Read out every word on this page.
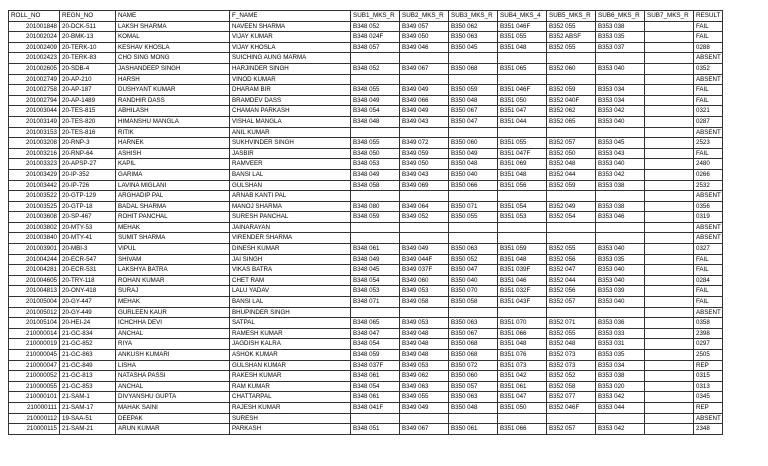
ROLL_NO	REGN_NO	NAME	F_NAME	SUB1_MKS_R	SUB2_MKS_R	SUB3_MKS_R	SUB4_MKS_4	SUB5_MKS_R	SUB6_MKS_R	SUB7_MKS_R	RESULT
201001848	20-DCK-511	LAKSH SHARMA	NAVEEN SHARMA	B348 052	B349 057	B350 062	B351 046F	B352 055	B353 038		FAIL
201002024	20-BMK-13	KOMAL	VIJAY KUMAR	B348 024F	B349 050	B350 063	B351 055	B352 ABSF	B353 035		FAIL
201002409	20-TERK-10	KESHAV KHOSLA	VIJAY KHOSLA	B348 057	B349 046	B350 045	B351 048	B352 055	B353 037		0288
201002423	20-TERK-83	CHO SING MONG	SUICHING AUNG MARMA								ABSENT
201002605	20-SDB-4	JASHANDEEP SINGH	HARJINDER SINGH	B348 052	B349 067	B350 068	B351 065	B352 060	B353 040		0352
201002749	20-AP-210	HARSH	VINOD KUMAR								ABSENT
201002758	20-AP-187	DUSHYANT KUMAR	DHARAM BIR	B348 055	B349 049	B350 059	B351 046F	B352 059	B353 034		FAIL
201002794	20-AP-1489	RANDHIR DASS	BRAMDEV DASS	B348 049	B349 066	B350 048	B351 050	B352 040F	B353 034		FAIL
201003044	20-TES-815	ABHILASH	CHAMAN PARKASH	B348 054	B349 049	B350 067	B351 047	B352 062	B353 042		0321
201003149	20-TES-820	HIMANSHU MANGLA	VISHAL MANGLA	B348 048	B349 043	B350 047	B351 044	B352 065	B353 040		0287
201003153	20-TES-816	RITIK	ANIL KUMAR								ABSENT
201003208	20-RNP-3	HARNEK	SUKHVINDER SINGH	B348 055	B349 072	B350 060	B351 055	B352 057	B353 045		2523
201003216	20-RNP-64	ASHISH	JASBIR	B348 050	B349 059	B350 049	B351 047F	B352 050	B353 043		FAIL
201003323	20-APSP-27	KAPIL	RAMVEER	B348 053	B349 050	B350 048	B351 069	B352 048	B353 040		2480
201003429	20-IP-352	GARIMA	BANSI LAL	B348 049	B349 043	B350 040	B351 048	B352 044	B353 042		0266
201003442	20-IP-726	LAVINA MIGLANI	GULSHAN	B348 058	B349 069	B350 066	B351 056	B352 059	B353 038		2532
201003522	20-GTP-129	ARGHADIP PAL	ARNAB KANTI PAL								ABSENT
201003525	20-GTP-18	BADAL SHARMA	MANOJ SHARMA	B348 080	B349 064	B350 071	B351 054	B352 049	B353 038		0356
201003608	20-SP-467	ROHIT PANCHAL	SURESH PANCHAL	B348 059	B349 052	B350 055	B351 053	B352 054	B353 046		0319
201003802	20-MTY-53	MEHAK	JAINARAYAN								ABSENT
201003840	20-MTY-41	SUMIT SHARMA	VIRENDER SHARMA								ABSENT
201003901	20-MBI-3	VIPUL	DINESH KUMAR	B348 061	B349 049	B350 063	B351 059	B352 055	B353 040		0327
201004244	20-ECR-547	SHIVAM	JAI SINGH	B348 049	B349 044F	B350 052	B351 048	B352 056	B353 035		FAIL
201004281	20-ECR-531	LAKSHYA BATRA	VIKAS BATRA	B348 045	B349 037F	B350 047	B351 039F	B352 047	B353 040		FAIL
201004605	20-TRY-118	ROHAN KUMAR	CHET RAM	B348 054	B349 060	B350 040	B351 046	B352 044	B353 040		0284
201004813	20-ONY-418	SURAJ	LALU YADAV	B348 053	B349 053	B350 070	B351 032F	B352 056	B353 039		FAIL
201005004	20-GY-447	MEHAK	BANSI LAL	B348 071	B349 058	B350 058	B351 043F	B352 057	B353 040		FAIL
201005012	20-GY-449	GURLEEN KAUR	BHUPINDER SINGH								ABSENT
201005104	20-HEI-24	ICHCHHA DEVI	SATPAL	B348 065	B349 053	B350 063	B351 070	B352 071	B353 036		0358
210000014	21-GC-834	ANCHAL	RAMESH KUMAR	B348 047	B349 048	B350 067	B351 066	B352 055	B353 033		2398
210000019	21-GC-852	RIYA	JAGDISH KALRA	B348 054	B349 048	B350 068	B351 048	B352 048	B353 031		0297
210000045	21-GC-863	ANKUSH KUMARI	ASHOK KUMAR	B348 059	B349 048	B350 068	B351 076	B352 073	B353 035		2505
210000047	21-GC-849	LISHA	GULSHAN KUMAR	B348 037F	B349 053	B350 072	B351 073	B352 073	B353 034		REP
210000052	21-GC-813	NATASHA PASSI	RAKESH KUMAR	B348 061	B349 062	B350 060	B351 042	B352 052	B353 038		0315
210000055	21-GC-853	ANCHAL	RAM KUMAR	B348 054	B349 063	B350 057	B351 061	B352 058	B353 020		0313
210000101	21-SAM-1	DIVYANSHU GUPTA	CHATTARPAL	B348 061	B349 055	B350 063	B351 047	B352 077	B353 042		0345
210000111	21-SAM-17	MAHAK SAINI	RAJESH KUMAR	B348 041F	B349 049	B350 048	B351 050	B352 046F	B353 044		REP
210000112	19-SAA-51	DEEPAK	SURESH								ABSENT
210000115	21-SAM-21	ARUN KUMAR	PARKASH	B348 051	B349 067	B350 061	B351 066	B352 057	B353 042		2348
